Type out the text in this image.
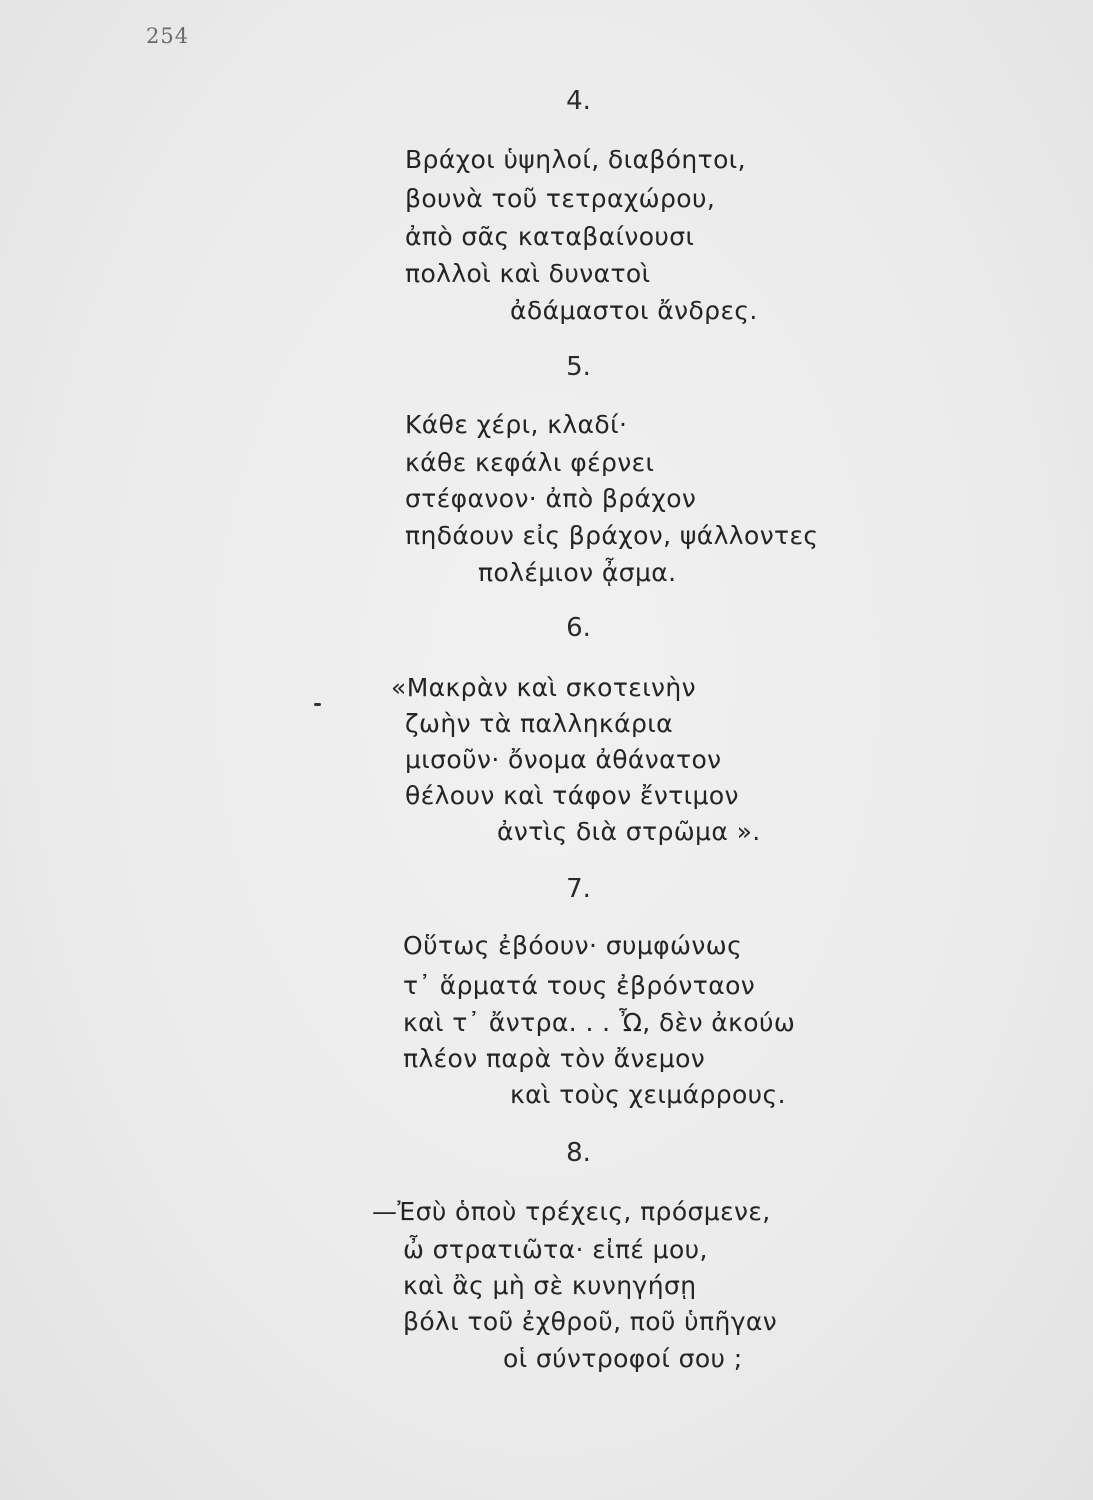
254
4.
Βράχοι ὑψηλοί, διαβόητοι,
βουνὰ τοῦ τετραχώρου,
ἀπὸ σᾶς καταβαίνουσι
πολλοὶ καὶ δυνατοὶ
ἀδάμαστοι ἄνδρες.
5.
Κάθε χέρι, κλαδί·
κάθε κεφάλι φέρνει
στέφανον· ἀπὸ βράχον
πηδάουν εἰς βράχον, ψάλλοντες
πολέμιον ᾆσμα.
6.
«Μακρὰν καὶ σκοτεινὴν
ζωὴν τὰ παλληκάρια
μισοῦν· ὄνομα ἀθάνατον
θέλουν καὶ τάφον ἔντιμον
ἀντὶς διὰ στρῶμα ».
7.
Οὕτως ἐβόουν· συμφώνως
τ᾽ ἅρματά τους ἐβρόνταον
καὶ τ᾽ ἄντρα. . . Ὦ, δὲν ἀκούω
πλέον παρὰ τὸν ἄνεμον
καὶ τοὺς χειμάρρους.
8.
—Ἐσὺ ὁποὺ τρέχεις, πρόσμενε,
ὦ στρατιῶτα· εἰπέ μου,
καὶ ἂς μὴ σὲ κυνηγήσῃ
βόλι τοῦ ἐχθροῦ, ποῦ ὑπῆγαν
οἱ σύντροφοί σου ;
